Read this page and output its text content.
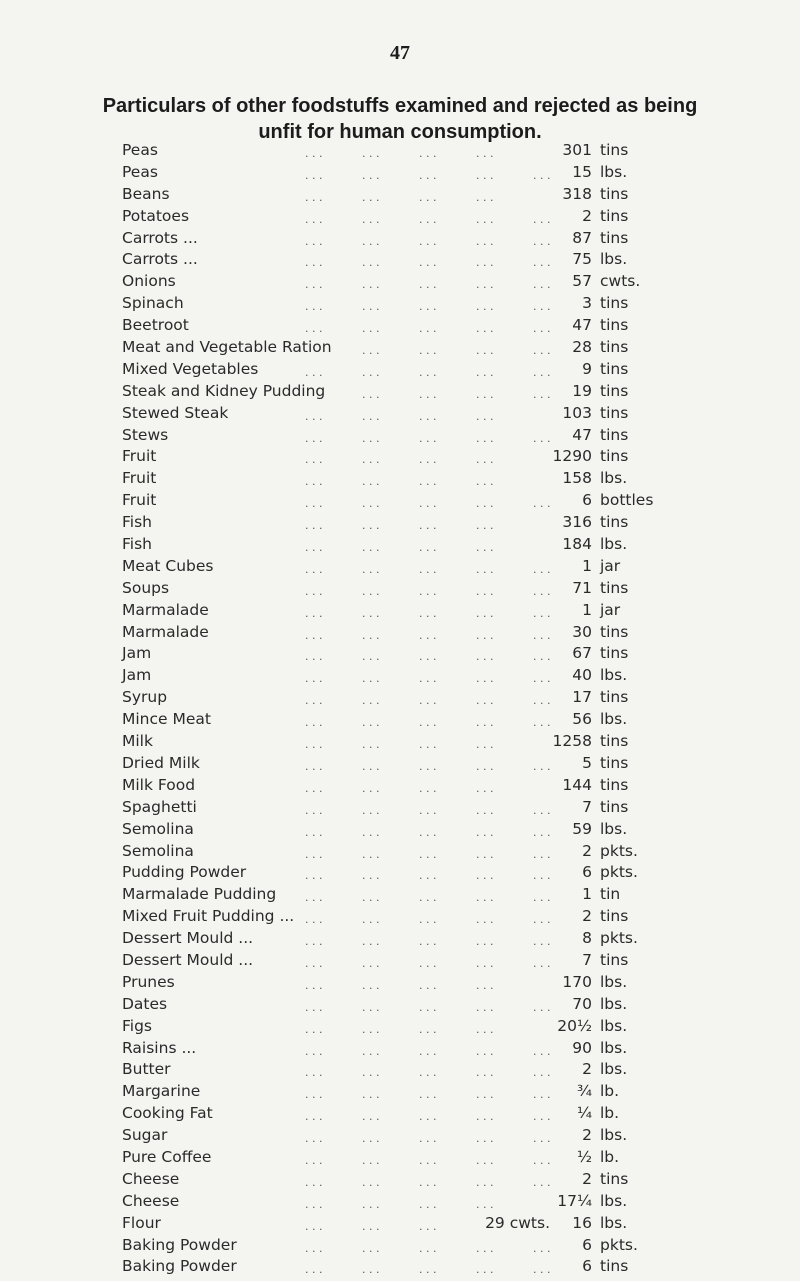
47
Particulars of other foodstuffs examined and rejected as being
unfit for human consumption.
Peas	301 tins
. . .	. . .	. . .	. . .
Peas	15 lbs.
. . .	. . .	. . .	. . .	. . .
Beans	318 tins
. . .	. . .	. . .	. . .
Potatoes	2 tins
. . .	. . .	. . .	. . .	. . .
Carrots ...	87 tins
. . .	. . .	. . .	. . .	. . .
Carrots ...	75 lbs.
. . .	. . .	. . .	. . .	. . .
Onions	57 cwts.
. . .	. . .	. . .	. . .	. . .
Spinach	3 tins
. . .	. . .	. . .	. . .	. . .
Beetroot	47 tins
. . .	. . .	. . .	. . .	. . .
Meat and Vegetable Ration	28 tins
. . .	. . .	. . .	. . .
Mixed Vegetables	9 tins
. . .	. . .	. . .	. . .	. . .
Steak and Kidney Pudding	19 tins
. . .	. . .	. . .	. . .
Stewed Steak	103 tins
. . .	. . .	. . .	. . .
Stews	47 tins
. . .	. . .	. . .	. . .	. . .
Fruit	1290 tins
. . .	. . .	. . .	. . .
Fruit	158 lbs.
. . .	. . .	. . .	. . .
Fruit	6 bottles
. . .	. . .	. . .	. . .	. . .
Fish	316 tins
. . .	. . .	. . .	. . .
Fish	184 lbs.
. . .	. . .	. . .	. . .
Meat Cubes	1 jar
. . .	. . .	. . .	. . .	. . .
Soups	71 tins
. . .	. . .	. . .	. . .	. . .
Marmalade	1 jar
. . .	. . .	. . .	. . .	. . .
Marmalade	30 tins
. . .	. . .	. . .	. . .	. . .
Jam	67 tins
. . .	. . .	. . .	. . .	. . .
Jam	40 lbs.
. . .	. . .	. . .	. . .	. . .
Syrup	17 tins
. . .	. . .	. . .	. . .	. . .
Mince Meat	56 lbs.
. . .	. . .	. . .	. . .	. . .
Milk	1258 tins
. . .	. . .	. . .	. . .
Dried Milk	5 tins
. . .	. . .	. . .	. . .	. . .
Milk Food	144 tins
. . .	. . .	. . .	. . .
Spaghetti	7 tins
. . .	. . .	. . .	. . .	. . .
Semolina	59 lbs.
. . .	. . .	. . .	. . .	. . .
Semolina	2 pkts.
. . .	. . .	. . .	. . .	. . .
Pudding Powder	6 pkts.
. . .	. . .	. . .	. . .	. . .
Marmalade Pudding	1 tin
. . .	. . .	. . .	. . .	. . .
Mixed Fruit Pudding ...	2 tins
. . .	. . .	. . .	. . .	. . .
Dessert Mould ...	8 pkts.
. . .	. . .	. . .	. . .	. . .
Dessert Mould ...	7 tins
. . .	. . .	. . .	. . .	. . .
Prunes	170 lbs.
. . .	. . .	. . .	. . .
Dates	70 lbs.
. . .	. . .	. . .	. . .	. . .
Figs	20½ lbs.
. . .	. . .	. . .	. . .
Raisins ...	90 lbs.
. . .	. . .	. . .	. . .	. . .
Butter	2 lbs.
. . .	. . .	. . .	. . .	. . .
Margarine	¾ lb.
. . .	. . .	. . .	. . .	. . .
Cooking Fat	¼ lb.
. . .	. . .	. . .	. . .	. . .
Sugar	2 lbs.
. . .	. . .	. . .	. . .	. . .
Pure Coffee	½ lb.
. . .	. . .	. . .	. . .	. . .
Cheese	2 tins
. . .	. . .	. . .	. . .	. . .
Cheese	17¼ lbs.
. . .	. . .	. . .	. . .
Flour	29 cwts. 16 lbs.
. . .	. . .	. . .
Baking Powder	6 pkts.
. . .	. . .	. . .	. . .	. . .
Baking Powder	6 tins
. . .	. . .	. . .	. . .	. . .
